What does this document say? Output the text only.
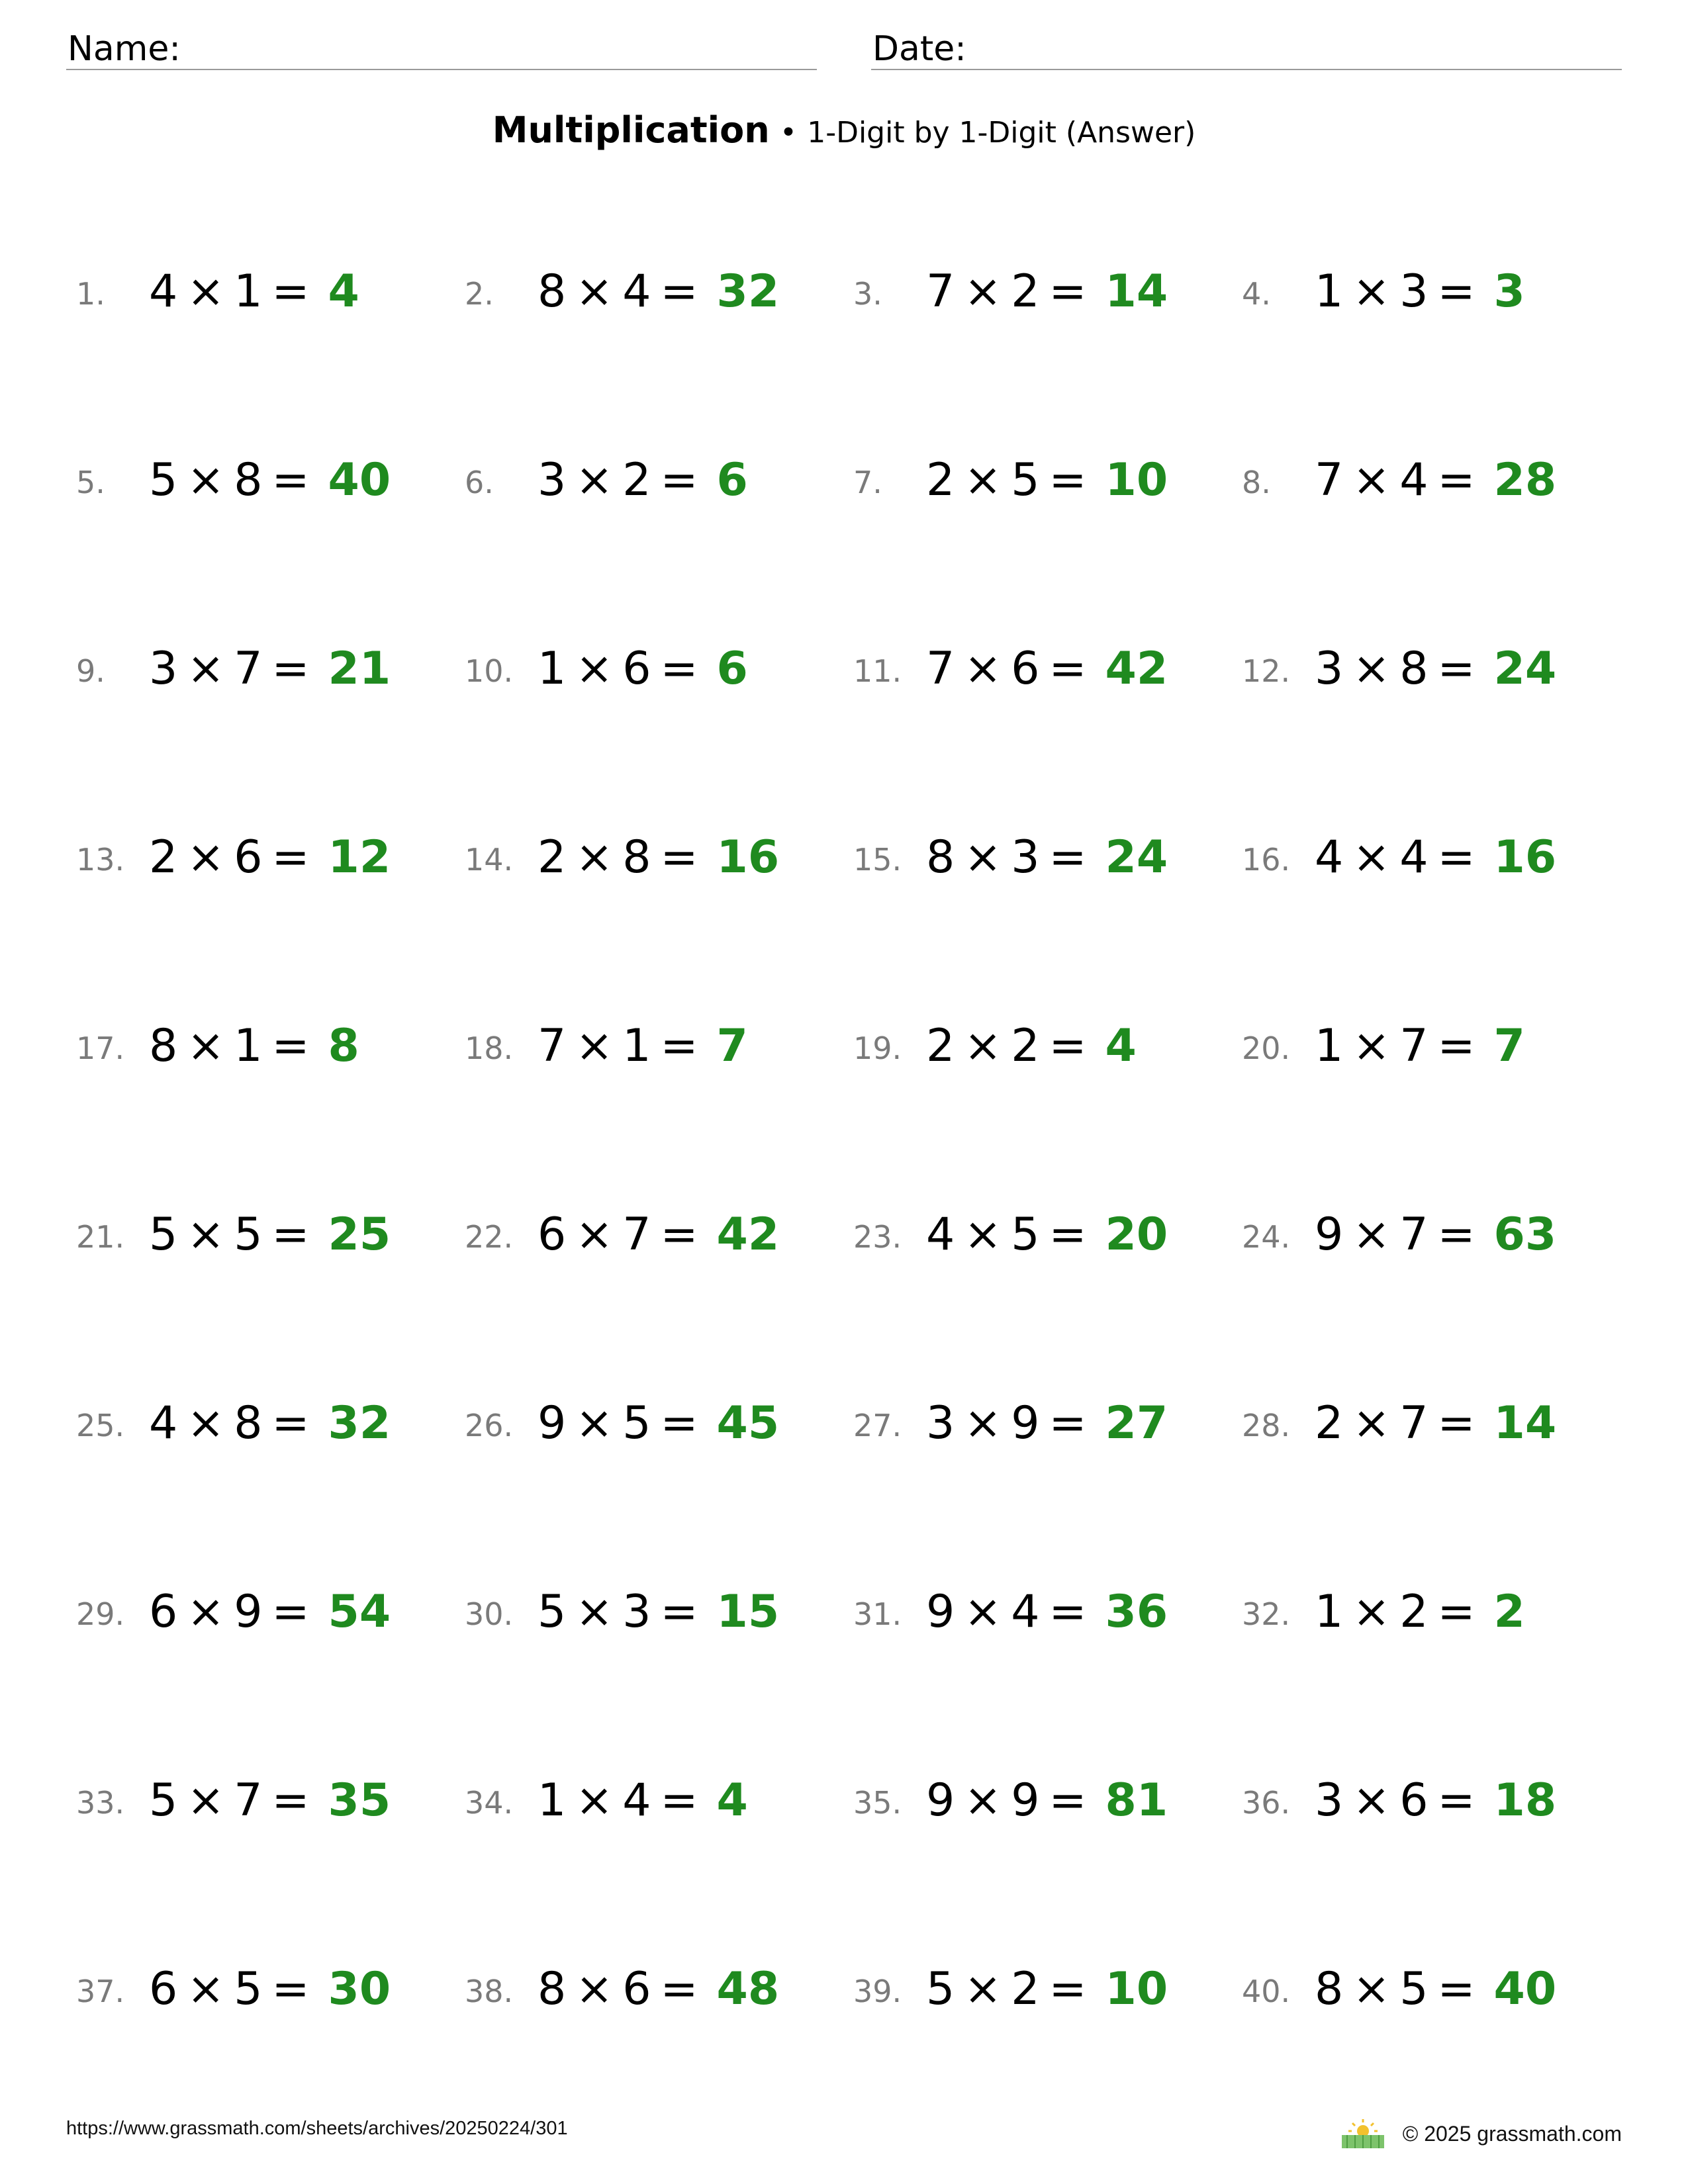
Name:	Date:
Multiplication • 1-Digit by 1-Digit (Answer)
1. 4 × 1 = 4	2. 8 × 4 = 32 3. 7 × 2 = 14 4. 1 × 3 = 3
5. 5 × 8 = 40 6. 3 × 2 = 6	7. 2 × 5 = 10 8. 7 × 4 = 28
9. 3 × 7 = 21 10. 1 × 6 = 6	11. 7 × 6 = 42 12. 3 × 8 = 24
13. 2 × 6 = 12 14. 2 × 8 = 16 15. 8 × 3 = 24 16. 4 × 4 = 16
17. 8 × 1 = 8	18. 7 × 1 = 7	19. 2 × 2 = 4	20. 1 × 7 = 7
21. 5 × 5 = 25 22. 6 × 7 = 42 23. 4 × 5 = 20 24. 9 × 7 = 63
25. 4 × 8 = 32 26. 9 × 5 = 45 27. 3 × 9 = 27 28. 2 × 7 = 14
29. 6 × 9 = 54 30. 5 × 3 = 15 31. 9 × 4 = 36 32. 1 × 2 = 2
33. 5 × 7 = 35 34. 1 × 4 = 4	35. 9 × 9 = 81 36. 3 × 6 = 18
37. 6 × 5 = 30 38. 8 × 6 = 48 39. 5 × 2 = 10 40. 8 × 5 = 40
https://www.grassmath.com/sheets/archives/20250224/301	© 2025 grassmath.com
